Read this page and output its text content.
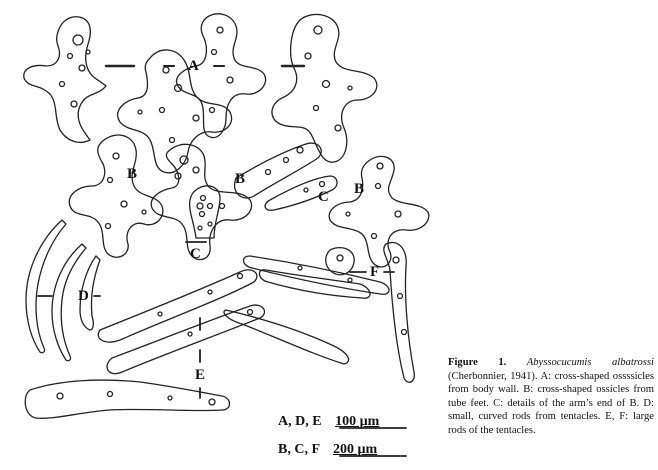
A
B	B
B
C
C
D
E
F
A, D, E 100 µm
B, C, F 200 µm
Figure 1. Abyssocucumis albatrossi (Cherbonnier, 1941). A: cross-shaped ossssicles from body wall. B: cross-shaped ossicles from tube feet. C: details of the arm’s end of B. D: small, curved rods from tentacles. E, F: large rods of the tentacles.
